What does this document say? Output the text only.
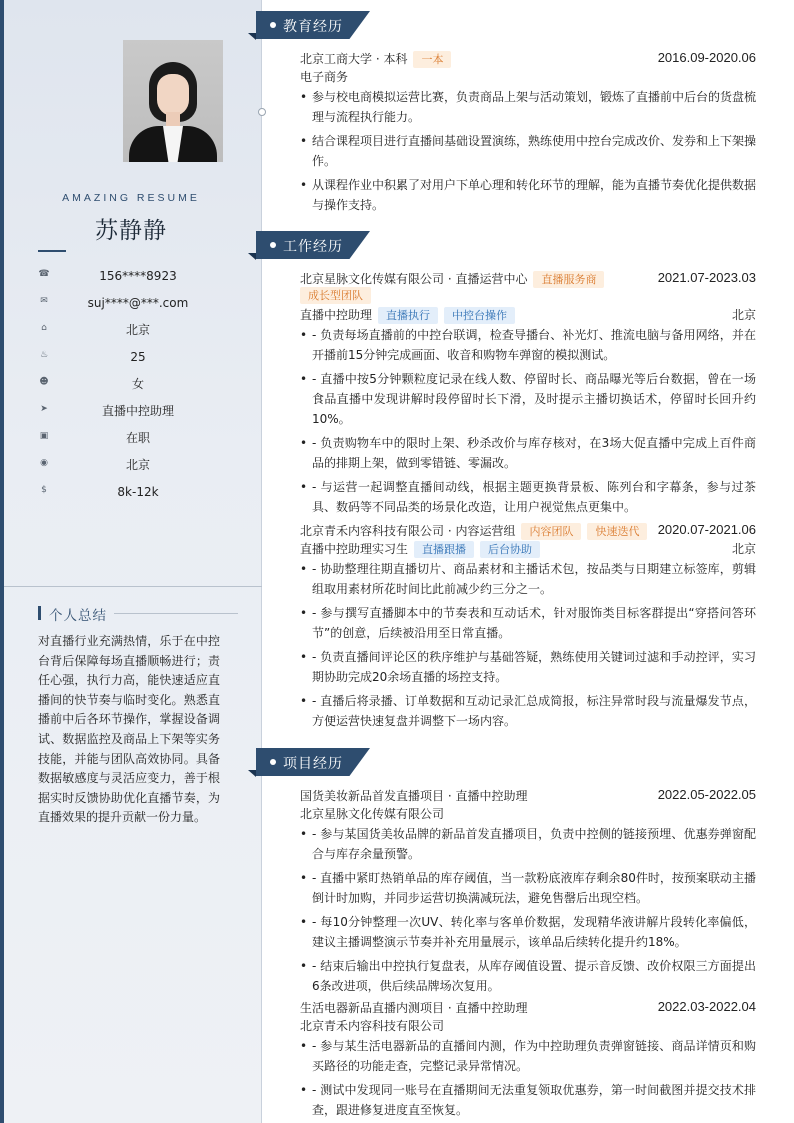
AMAZING RESUME
苏静静
☎	156****8923
✉	suj****@***.com
⌂	北京
♨	25
☻	女
➤	直播中控助理
▣	在职
◉	北京
$	8k-12k
个人总结
对直播行业充满热情，乐于在中控台背后保障每场直播顺畅进行；责任心强，执行力高，能快速适应直播间的快节奏与临时变化。熟悉直播前中后各环节操作，掌握设备调试、数据监控及商品上下架等实务技能，并能与团队高效协同。具备数据敏感度与灵活应变力，善于根据实时反馈协助优化直播节奏，为直播效果的提升贡献一份力量。
教育经历
北京工商大学 · 本科 一本	2016.09-2020.06
电子商务
• 参与校电商模拟运营比赛，负责商品上架与活动策划，锻炼了直播前中后台的货盘梳理与流程执行能力。
• 结合课程项目进行直播间基础设置演练，熟练使用中控台完成改价、发券和上下架操作。
• 从课程作业中积累了对用户下单心理和转化环节的理解，能为直播节奏优化提供数据与操作支持。
工作经历
北京星脉文化传媒有限公司 · 直播运营中心 直播服务商	2021.07-2023.03
成长型团队
直播中控助理 直播执行 中控台操作	北京
• - 负责每场直播前的中控台联调，检查导播台、补光灯、推流电脑与备用网络，并在开播前15分钟完成画面、收音和购物车弹窗的模拟测试。
• - 直播中按5分钟颗粒度记录在线人数、停留时长、商品曝光等后台数据，曾在一场食品直播中发现讲解时段停留时长下滑，及时提示主播切换话术，停留时长回升约10%。
• - 负责购物车中的限时上架、秒杀改价与库存核对，在3场大促直播中完成上百件商品的排期上架，做到零错链、零漏改。
• - 与运营一起调整直播间动线，根据主题更换背景板、陈列台和字幕条，参与过茶具、数码等不同品类的场景化改造，让用户视觉焦点更集中。
北京青禾内容科技有限公司 · 内容运营组 内容团队 快速迭代	2020.07-2021.06
直播中控助理实习生 直播跟播 后台协助	北京
• - 协助整理往期直播切片、商品素材和主播话术包，按品类与日期建立标签库，剪辑组取用素材所花时间比此前减少约三分之一。
• - 参与撰写直播脚本中的节奏表和互动话术，针对服饰类目标客群提出“穿搭问答环节”的创意，后续被沿用至日常直播。
• - 负责直播间评论区的秩序维护与基础答疑，熟练使用关键词过滤和手动控评，实习期协助完成20余场直播的场控支持。
• - 直播后将录播、订单数据和互动记录汇总成简报，标注异常时段与流量爆发节点，方便运营快速复盘并调整下一场内容。
项目经历
国货美妆新品首发直播项目 · 直播中控助理	2022.05-2022.05
北京星脉文化传媒有限公司
• - 参与某国货美妆品牌的新品首发直播项目，负责中控侧的链接预埋、优惠券弹窗配合与库存余量预警。
• - 直播中紧盯热销单品的库存阈值，当一款粉底液库存剩余80件时，按预案联动主播倒计时加购，并同步运营切换满减玩法，避免售罄后出现空档。
• - 每10分钟整理一次UV、转化率与客单价数据，发现精华液讲解片段转化率偏低，建议主播调整演示节奏并补充用量展示，该单品后续转化提升约18%。
• - 结束后输出中控执行复盘表，从库存阈值设置、提示音反馈、改价权限三方面提出6条改进项，供后续品牌场次复用。
生活电器新品直播内测项目 · 直播中控助理	2022.03-2022.04
北京青禾内容科技有限公司
• - 参与某生活电器新品的直播间内测，作为中控助理负责弹窗链接、商品详情页和购买路径的功能走查，完整记录异常情况。
• - 测试中发现同一账号在直播期间无法重复领取优惠券，第一时间截图并提交技术排查，跟进修复进度直至恢复。
